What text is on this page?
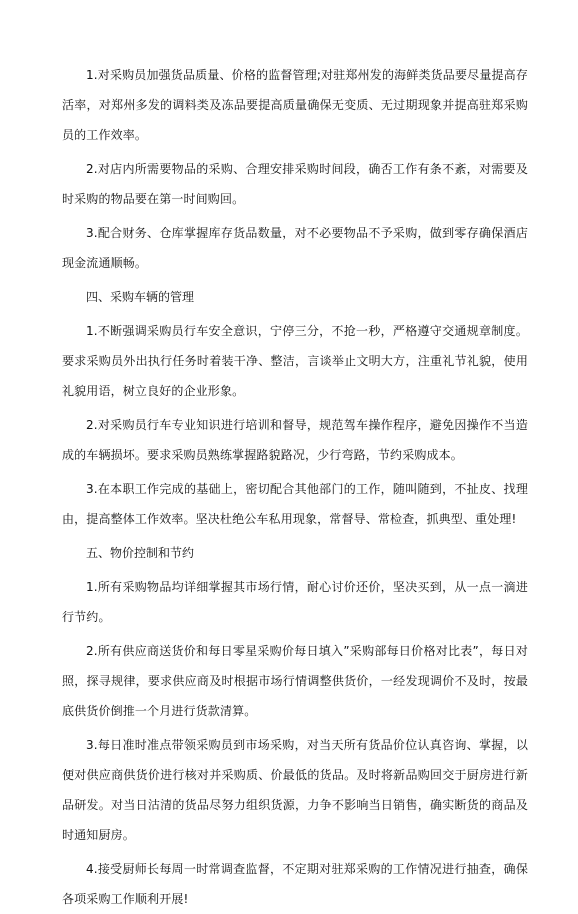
1.对采购员加强货品质量、价格的监督管理;对驻郑州发的海鲜类货品要尽量提高存活率，对郑州多发的调料类及冻品要提高质量确保无变质、无过期现象并提高驻郑采购员的工作效率。

2.对店内所需要物品的采购、合理安排采购时间段，确否工作有条不紊，对需要及时采购的物品要在第一时间购回。

3.配合财务、仓库掌握库存货品数量，对不必要物品不予采购，做到零存确保酒店现金流通顺畅。

四、采购车辆的管理

1.不断强调采购员行车安全意识，宁停三分，不抢一秒，严格遵守交通规章制度。要求采购员外出执行任务时着装干净、整洁，言谈举止文明大方，注重礼节礼貌，使用礼貌用语，树立良好的企业形象。

2.对采购员行车专业知识进行培训和督导，规范驾车操作程序，避免因操作不当造成的车辆损坏。要求采购员熟练掌握路貌路况，少行弯路，节约采购成本。

3.在本职工作完成的基础上，密切配合其他部门的工作，随叫随到，不扯皮、找理由，提高整体工作效率。坚决杜绝公车私用现象，常督导、常检查，抓典型、重处理!

五、物价控制和节约

1.所有采购物品均详细掌握其市场行情，耐心讨价还价，坚决买到，从一点一滴进行节约。

2.所有供应商送货价和每日零星采购价每日填入”采购部每日价格对比表”，每日对照，探寻规律，要求供应商及时根据市场行情调整供货价，一经发现调价不及时，按最底供货价倒推一个月进行货款清算。

3.每日准时准点带领采购员到市场采购，对当天所有货品价位认真咨询、掌握，以便对供应商供货价进行核对并采购质、价最低的货品。及时将新品购回交于厨房进行新品研发。对当日沽清的货品尽努力组织货源，力争不影响当日销售，确实断货的商品及时通知厨房。

4.接受厨师长每周一时常调查监督，不定期对驻郑采购的工作情况进行抽查，确保各项采购工作顺利开展!
